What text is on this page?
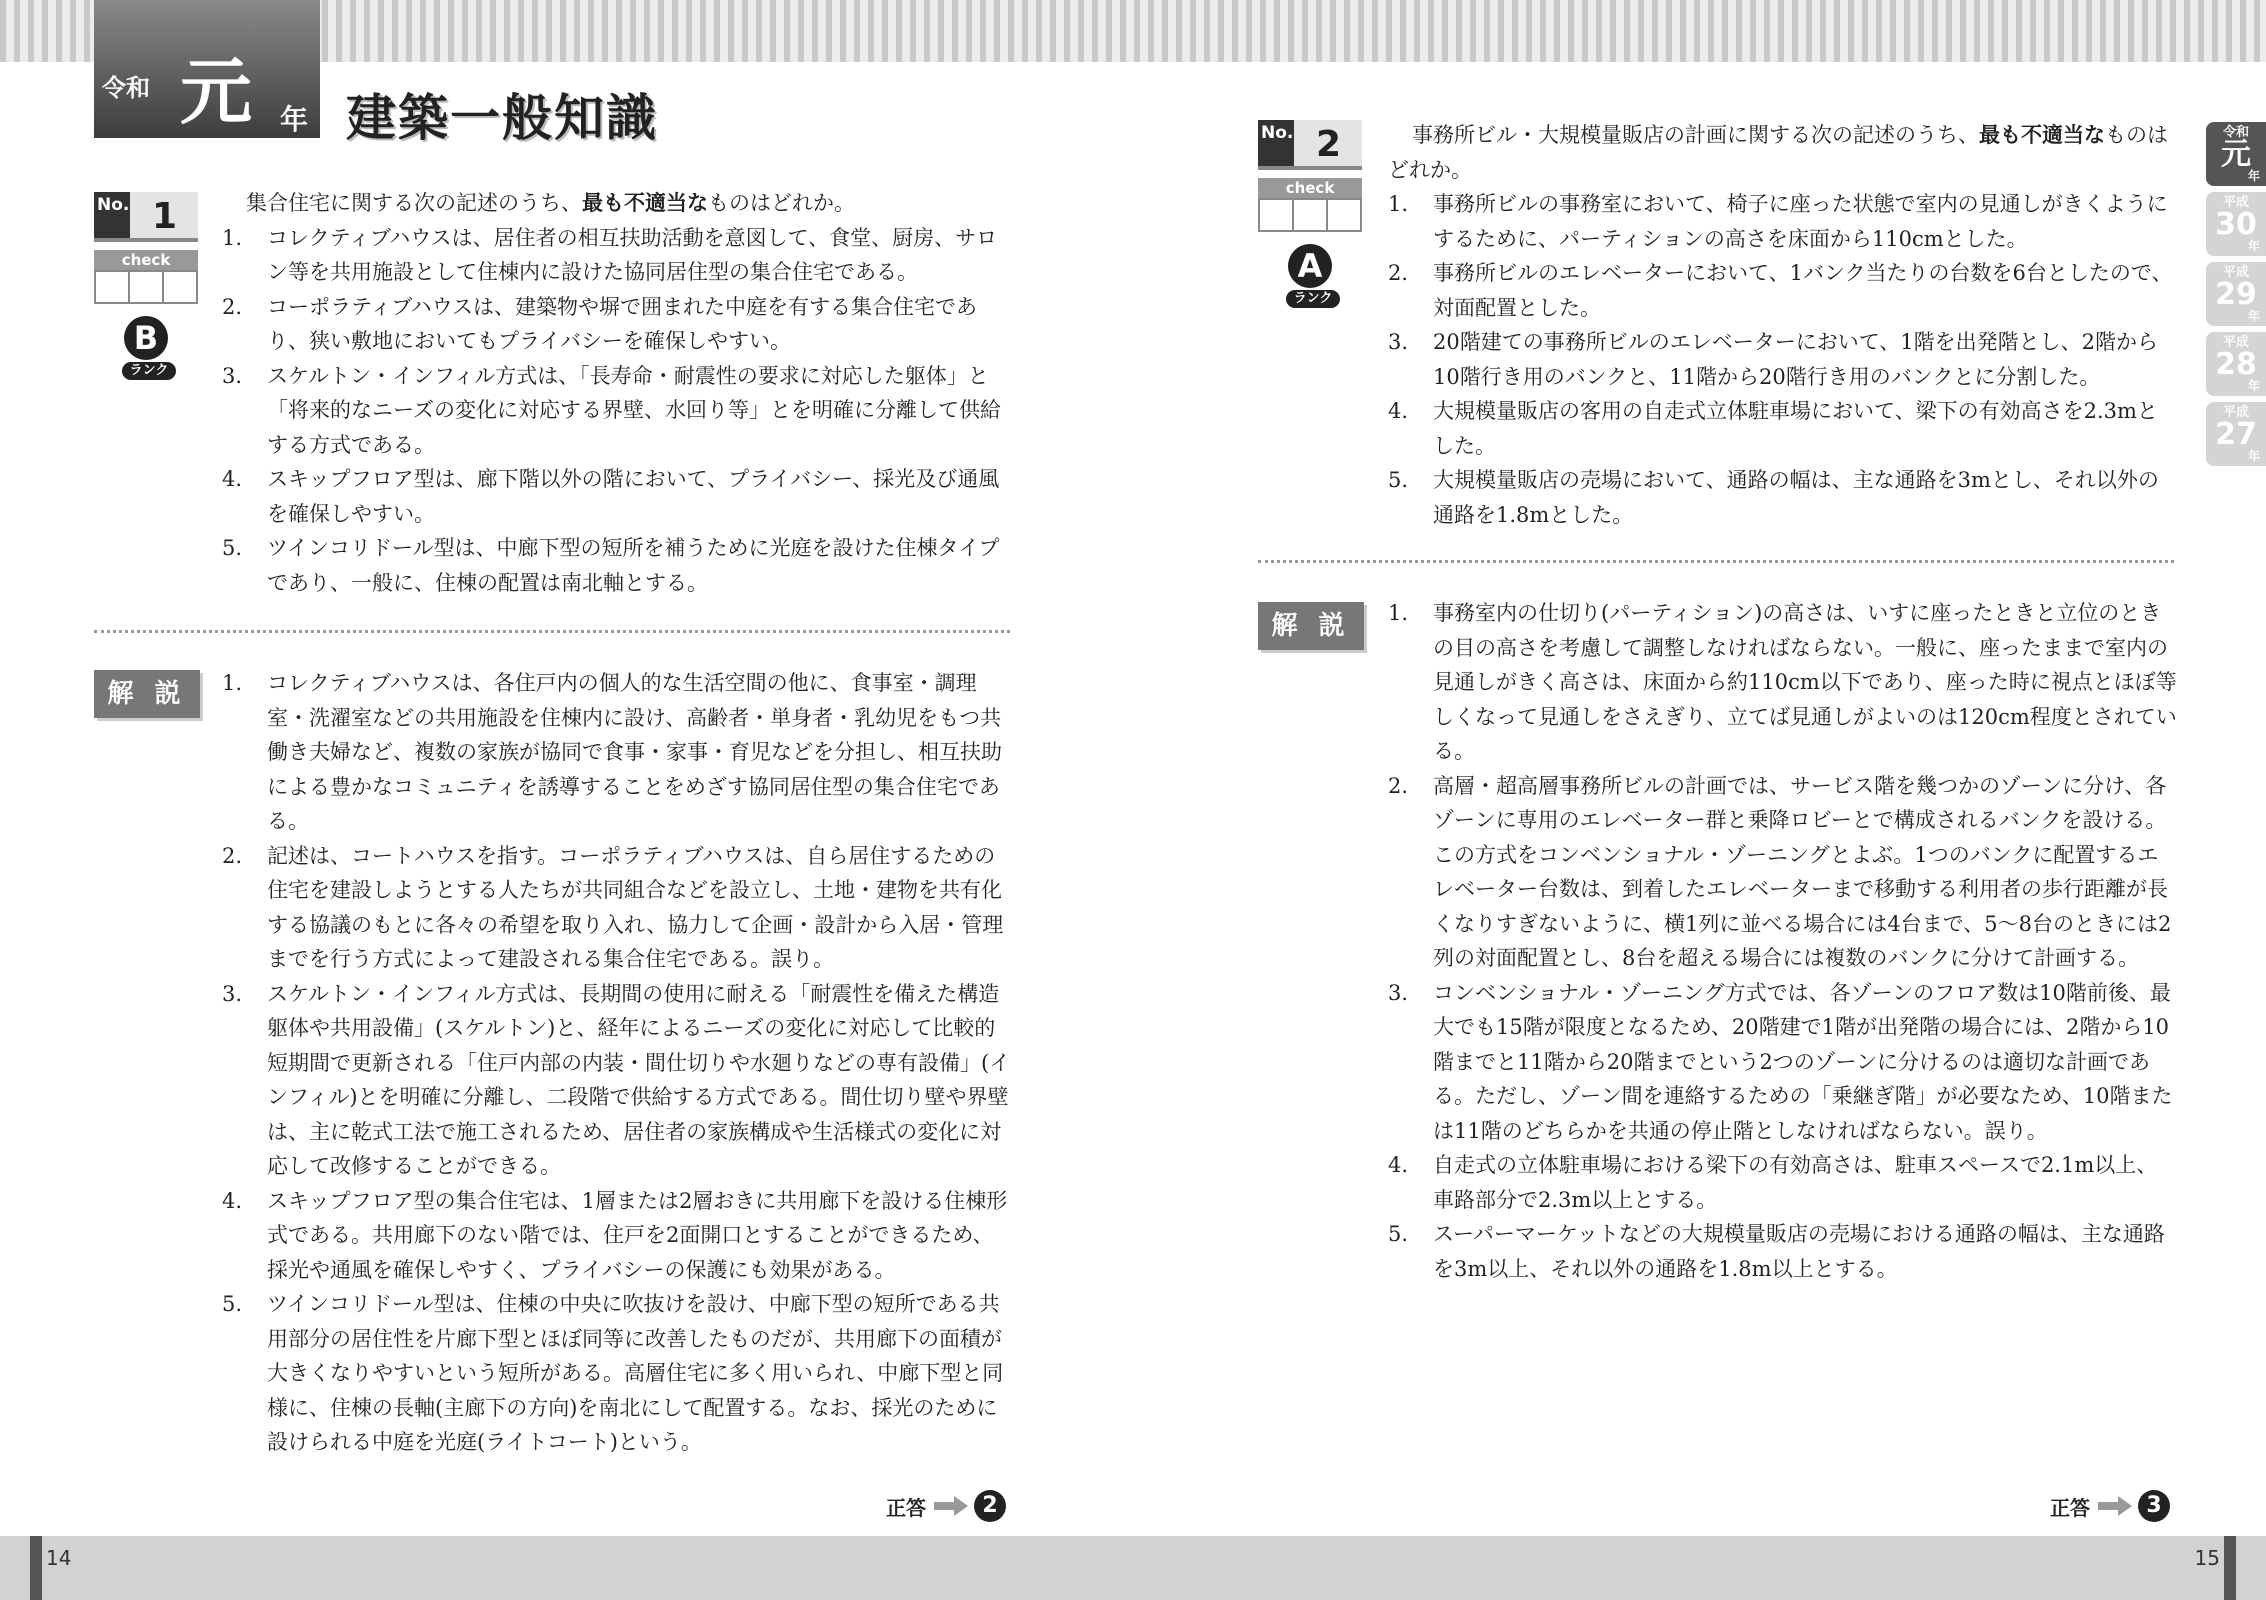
令和 元 年 建築一般知識
No. 1
check
B
ランク

集合住宅に関する次の記述のうち、最も不適当なものはどれか。

1. コレクティブハウスは、居住者の相互扶助活動を意図して、食堂、厨房、サロン等を共用施設として住棟内に設けた協同居住型の集合住宅である。

2. コーポラティブハウスは、建築物や塀で囲まれた中庭を有する集合住宅であり、狭い敷地においてもプライバシーを確保しやすい。

3. スケルトン・インフィル方式は、「長寿命・耐震性の要求に対応した躯体」と「将来的なニーズの変化に対応する界壁、水回り等」とを明確に分離して供給する方式である。

4. スキップフロア型は、廊下階以外の階において、プライバシー、採光及び通風を確保しやすい。

5. ツインコリドール型は、中廊下型の短所を補うために光庭を設けた住棟タイプであり、一般に、住棟の配置は南北軸とする。

解 説	1. コレクティブハウスは、各住戸内の個人的な生活空間の他に、食事室・調理室・洗濯室などの共用施設を住棟内に設け、高齢者・単身者・乳幼児をもつ共働き夫婦など、複数の家族が協同で食事・家事・育児などを分担し、相互扶助による豊かなコミュニティを誘導することをめざす協同居住型の集合住宅である。

2. 記述は、コートハウスを指す。コーポラティブハウスは、自ら居住するための住宅を建設しようとする人たちが共同組合などを設立し、土地・建物を共有化する協議のもとに各々の希望を取り入れ、協力して企画・設計から入居・管理までを行う方式によって建設される集合住宅である。誤り。

3. スケルトン・インフィル方式は、長期間の使用に耐える「耐震性を備えた構造躯体や共用設備」(スケルトン)と、経年によるニーズの変化に対応して比較的短期間で更新される「住戸内部の内装・間仕切りや水廻りなどの専有設備」(インフィル)とを明確に分離し、二段階で供給する方式である。間仕切り壁や界壁は、主に乾式工法で施工されるため、居住者の家族構成や生活様式の変化に対応して改修することができる。

4. スキップフロア型の集合住宅は、1層または2層おきに共用廊下を設ける住棟形式である。共用廊下のない階では、住戸を2面開口とすることができるため、採光や通風を確保しやすく、プライバシーの保護にも効果がある。

5. ツインコリドール型は、住棟の中央に吹抜けを設け、中廊下型の短所である共用部分の居住性を片廊下型とほぼ同等に改善したものだが、共用廊下の面積が大きくなりやすいという短所がある。高層住宅に多く用いられ、中廊下型と同様に、住棟の長軸(主廊下の方向)を南北にして配置する。なお、採光のために設けられる中庭を光庭(ライトコート)という。

正答	2
No. 2
check
A
ランク

事務所ビル・大規模量販店の計画に関する次の記述のうち、最も不適当なものはどれか。

1. 事務所ビルの事務室において、椅子に座った状態で室内の見通しがきくようにするために、パーティションの高さを床面から110cmとした。

2. 事務所ビルのエレベーターにおいて、1バンク当たりの台数を6台としたので、対面配置とした。

3. 20階建ての事務所ビルのエレベーターにおいて、1階を出発階とし、2階から10階行き用のバンクと、11階から20階行き用のバンクとに分割した。

4. 大規模量販店の客用の自走式立体駐車場において、梁下の有効高さを2.3mとした。

5. 大規模量販店の売場において、通路の幅は、主な通路を3mとし、それ以外の通路を1.8mとした。

解 説	1. 事務室内の仕切り(パーティション)の高さは、いすに座ったときと立位のときの目の高さを考慮して調整しなければならない。一般に、座ったままで室内の見通しがきく高さは、床面から約110cm以下であり、座った時に視点とほぼ等しくなって見通しをさえぎり、立てば見通しがよいのは120cm程度とされている。

2. 高層・超高層事務所ビルの計画では、サービス階を幾つかのゾーンに分け、各ゾーンに専用のエレベーター群と乗降ロビーとで構成されるバンクを設ける。この方式をコンベンショナル・ゾーニングとよぶ。1つのバンクに配置するエレベーター台数は、到着したエレベーターまで移動する利用者の歩行距離が長くなりすぎないように、横1列に並べる場合には4台まで、5〜8台のときには2列の対面配置とし、8台を超える場合には複数のバンクに分けて計画する。

3. コンベンショナル・ゾーニング方式では、各ゾーンのフロア数は10階前後、最大でも15階が限度となるため、20階建で1階が出発階の場合には、2階から10階までと11階から20階までという2つのゾーンに分けるのは適切な計画である。ただし、ゾーン間を連絡するための「乗継ぎ階」が必要なため、10階または11階のどちらかを共通の停止階としなければならない。誤り。

4. 自走式の立体駐車場における梁下の有効高さは、駐車スペースで2.1m以上、車路部分で2.3m以上とする。

5. スーパーマーケットなどの大規模量販店の売場における通路の幅は、主な通路を3m以上、それ以外の通路を1.8m以上とする。

正答	3
令和
元
年
平成
30
年
平成
29
年
平成
28
年
平成
27
年
14	15
